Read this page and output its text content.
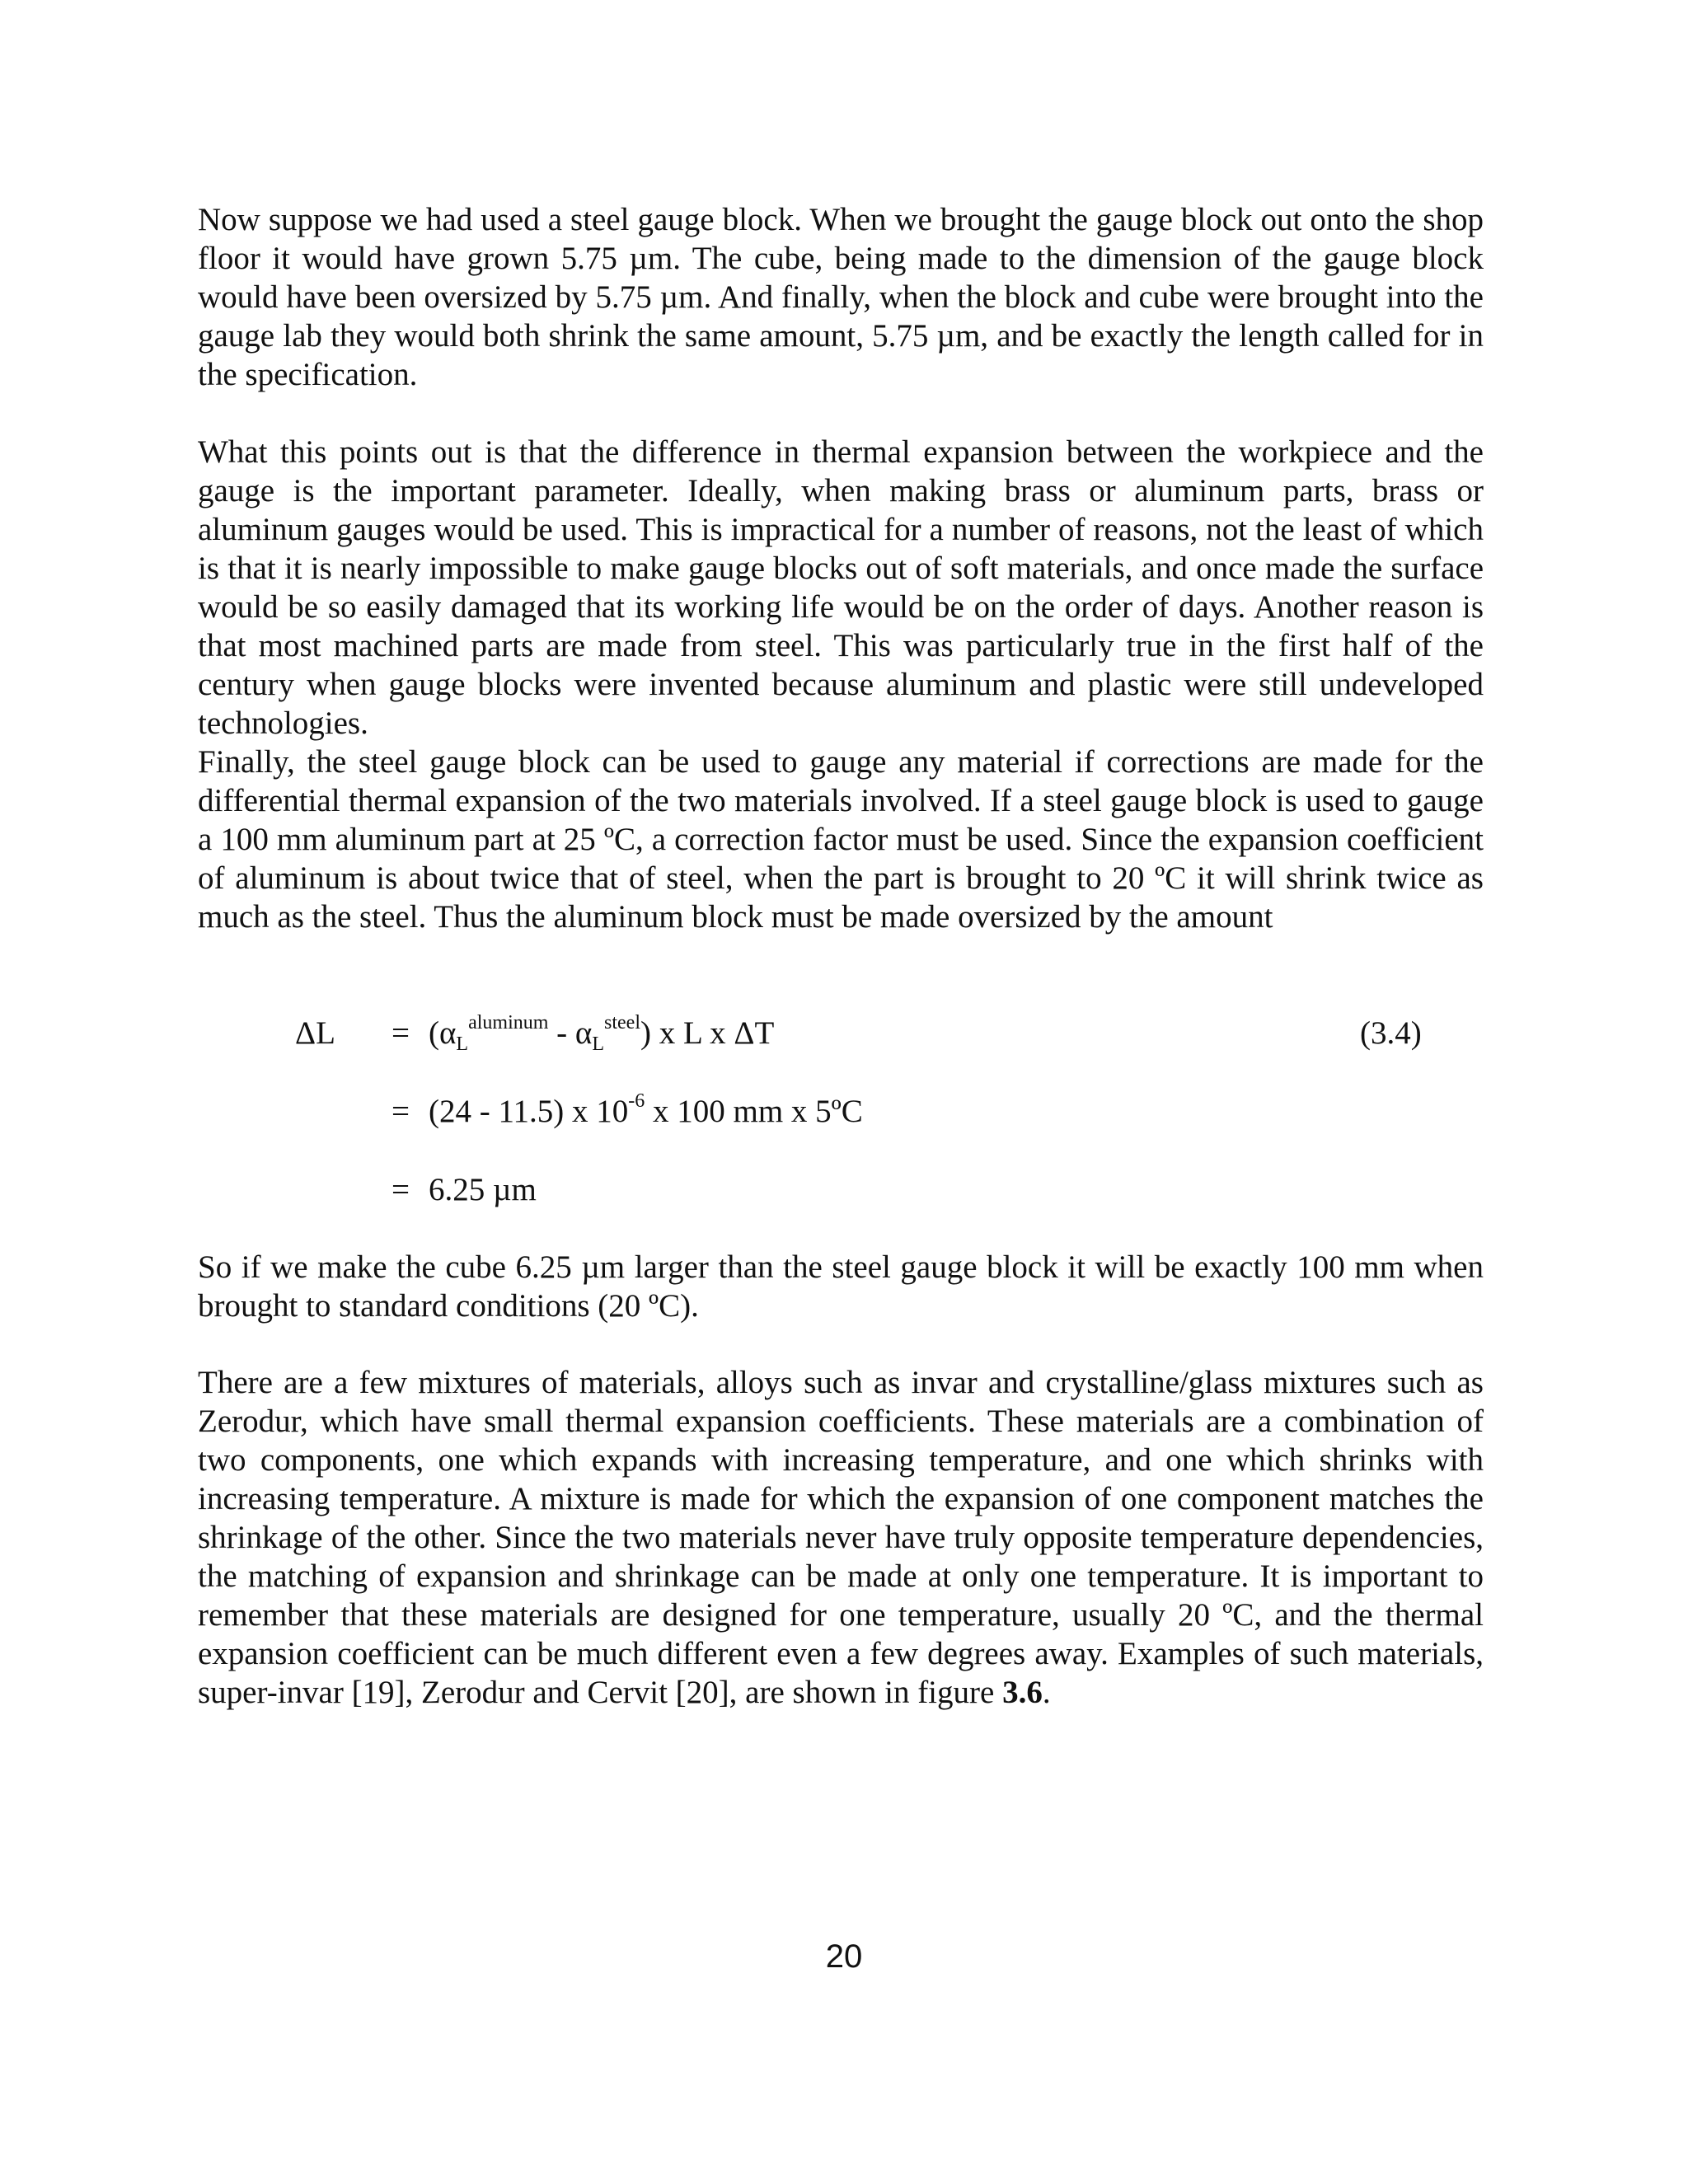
Now suppose we had used a steel gauge block. When we brought the gauge block out onto the shop floor it would have grown 5.75 µm. The cube, being made to the dimension of the gauge block would have been oversized by 5.75 µm. And finally, when the block and cube were brought into the gauge lab they would both shrink the same amount, 5.75 µm, and be exactly the length called for in the specification.

What this points out is that the difference in thermal expansion between the workpiece and the gauge is the important parameter. Ideally, when making brass or aluminum parts, brass or aluminum gauges would be used. This is impractical for a number of reasons, not the least of which is that it is nearly impossible to make gauge blocks out of soft materials, and once made the surface would be so easily damaged that its working life would be on the order of days. Another reason is that most machined parts are made from steel. This was particularly true in the first half of the century when gauge blocks were invented because aluminum and plastic were still undeveloped technologies.

Finally, the steel gauge block can be used to gauge any material if corrections are made for the differential thermal expansion of the two materials involved. If a steel gauge block is used to gauge a 100 mm aluminum part at 25 ºC, a correction factor must be used. Since the expansion coefficient of aluminum is about twice that of steel, when the part is brought to 20 ºC it will shrink twice as much as the steel. Thus the aluminum block must be made oversized by the amount

$\Delta L = (\alpha_L^{aluminum} - \alpha_L^{steel})$ x L x ΔT	(3.4)
= (24 - 11.5) x $10^{-6}$ x 100 mm x 5ºC
= 6.25 µm

So if we make the cube 6.25 µm larger than the steel gauge block it will be exactly 100 mm when brought to standard conditions (20 ºC).

There are a few mixtures of materials, alloys such as invar and crystalline/glass mixtures such as Zerodur, which have small thermal expansion coefficients. These materials are a combination of two components, one which expands with increasing temperature, and one which shrinks with increasing temperature. A mixture is made for which the expansion of one component matches the shrinkage of the other. Since the two materials never have truly opposite temperature dependencies, the matching of expansion and shrinkage can be made at only one temperature. It is important to remember that these materials are designed for one temperature, usually 20 ºC, and the thermal expansion coefficient can be much different even a few degrees away. Examples of such materials, super-invar [19], Zerodur and Cervit [20], are shown in figure 3.6.

20
